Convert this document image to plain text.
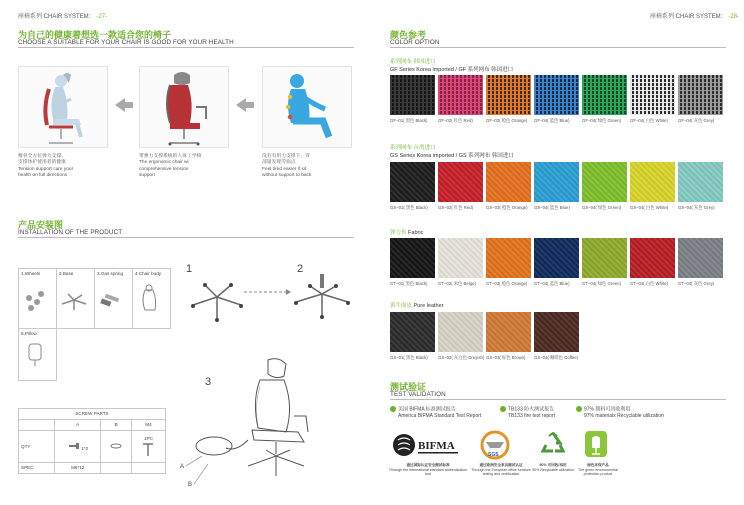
座椅系列 CHAIR SYSTEM： -27-
为自己的健康着想选一款适合您的椅子
CHOOSE A SUITABLE FOR YOUR CHAIR IS GOOD FOR YOUR HEALTH
椎骨全方位弹力支撑。
支撑体护使用者的健康
Tension support care your
health on full directions
带弹力支撑系统的人体工学椅
The ergonomic chair wi
comprehensive tension
support
没有有用力支撑下，背
部量发现劳损点
Feel tired easier if sit
without support to back
产品安装图
INSTALLATION OF THE PRODUCT
1.Wheels	2.Base	3.Gas spring	4.Chair body
5.Pillow			
1	2
3
A
B
SCREW PARTS			
	A	B	M4
QTY	1*2		1PC

SPEC	M6*12		
座椅系列 CHAIR SYSTEM： -28-
颜色参考
COLOR OPTION
系列网布 韩国进口
GF Series Korea imported / GF 系列网布 韩国进口
GF–01( 黑色 Black) GF–02( 红色 Red)	GF–03( 橙色 Orange) GF–04( 蓝色 Blue)	GF–04( 绿色 Green) GF–04( 白色 White) GF–04( 灰色 Grey)
系列网布 台湾进口
GS Series Korea imported / GS 系列网布 韩国进口
GS–01( 黑色 Black) GS–02( 红色 Red)	GS–03( 橙色 Orange) GS–04( 蓝色 Blue)	GS–04( 绿色 Green) GS–04( 白色 White) GS–04( 灰色 Grey)
弹力布 Fabric
GT–01( 黑色 Black) GT–02( 米色 Beige) GT–03( 橙色 Orange) GT–04( 蓝色 Blue)	GT–04( 绿色 Green) GT–04( 白色 White) GT–04( 灰色 Grey)
黄牛面皮 Pure leather
GS–01( 黑色 Black) GS–02( 灰白色 Greyish) GS–03( 棕色 Brown) GS–04( 咖啡色 Coffee)
测试验证
TEST VALIDATION
美国 BIFMA 标准测试报告
America BIFMA Standard Test Report
TB133 防火测试报告
TB133 fire test report
97% 制料可回收利用
97% materials Recyclable utilization
BIFMA
通过国际认证安全测试标准
Through the international standard authentication test
SGS
通过欧洲安全家具测试认证
Through the European office furniture testing and certification
90% 可回收/再用
90% Recyclable utilization
绿色环保产品
The green environmental protection product
